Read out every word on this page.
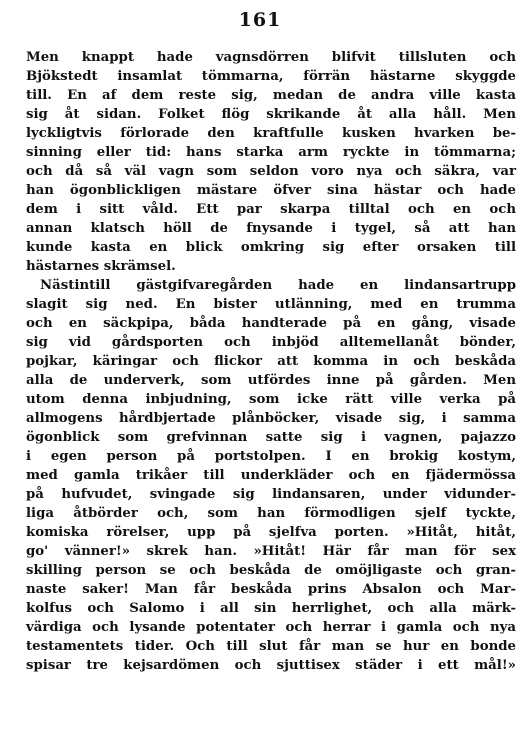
161
Men knappt hade vagnsdörren blifvit tillsluten och
Bjökstedt insamlat tömmarna, förrän hästarne skyggde
till. En af dem reste sig, medan de andra ville kasta
sig åt sidan. Folket flög skrikande åt alla håll. Men
lyckligtvis förlorade den kraftfulle kusken hvarken be-
sinning eller tid: hans starka arm ryckte in tömmarna;
och då så väl vagn som seldon voro nya och säkra, var
han ögonblickligen mästare öfver sina hästar och hade
dem i sitt våld. Ett par skarpa tilltal och en och
annan klatsch höll de fnysande i tygel, så att han
kunde kasta en blick omkring sig efter orsaken till
hästarnes skrämsel.
Nästintill gästgifvaregården hade en lindansartrupp
slagit sig ned. En bister utlänning, med en trumma
och en säckpipa, båda handterade på en gång, visade
sig vid gårdsporten och inbjöd alltemellanåt bönder,
pojkar, käringar och flickor att komma in och beskåda
alla de underverk, som utfördes inne på gården. Men
utom denna inbjudning, som icke rätt ville verka på
allmogens hårdbjertade plånböcker, visade sig, i samma
ögonblick som grefvinnan satte sig i vagnen, pajazzo
i egen person på portstolpen. I en brokig kostym,
med gamla trikåer till underkläder och en fjädermössa
på hufvudet, svingade sig lindansaren, under vidunder-
liga åtbörder och, som han förmodligen sjelf tyckte,
komiska rörelser, upp på sjelfva porten. »Hitåt, hitåt,
go' vänner!» skrek han. »Hitåt! Här får man för sex
skilling person se och beskåda de omöjligaste och gran-
naste saker! Man får beskåda prins Absalon och Mar-
kolfus och Salomo i all sin herrlighet, och alla märk-
värdiga och lysande potentater och herrar i gamla och nya
testamentets tider. Och till slut får man se hur en bonde
spisar tre kejsardömen och sjuttisex städer i ett mål!»
